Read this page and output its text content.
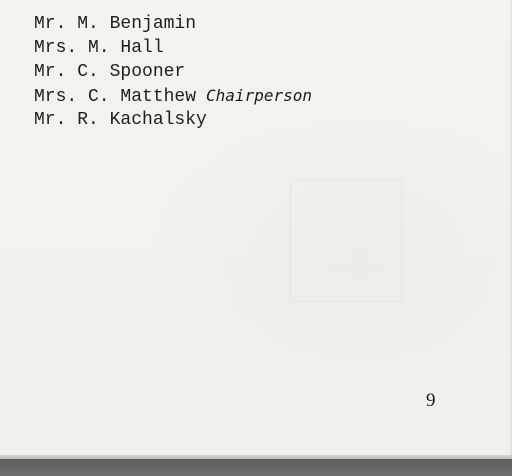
Mr. M. Benjamin
Mrs. M. Hall
Mr. C. Spooner
Mrs. C. Matthew Chairperson
Mr. R. Kachalsky
9
